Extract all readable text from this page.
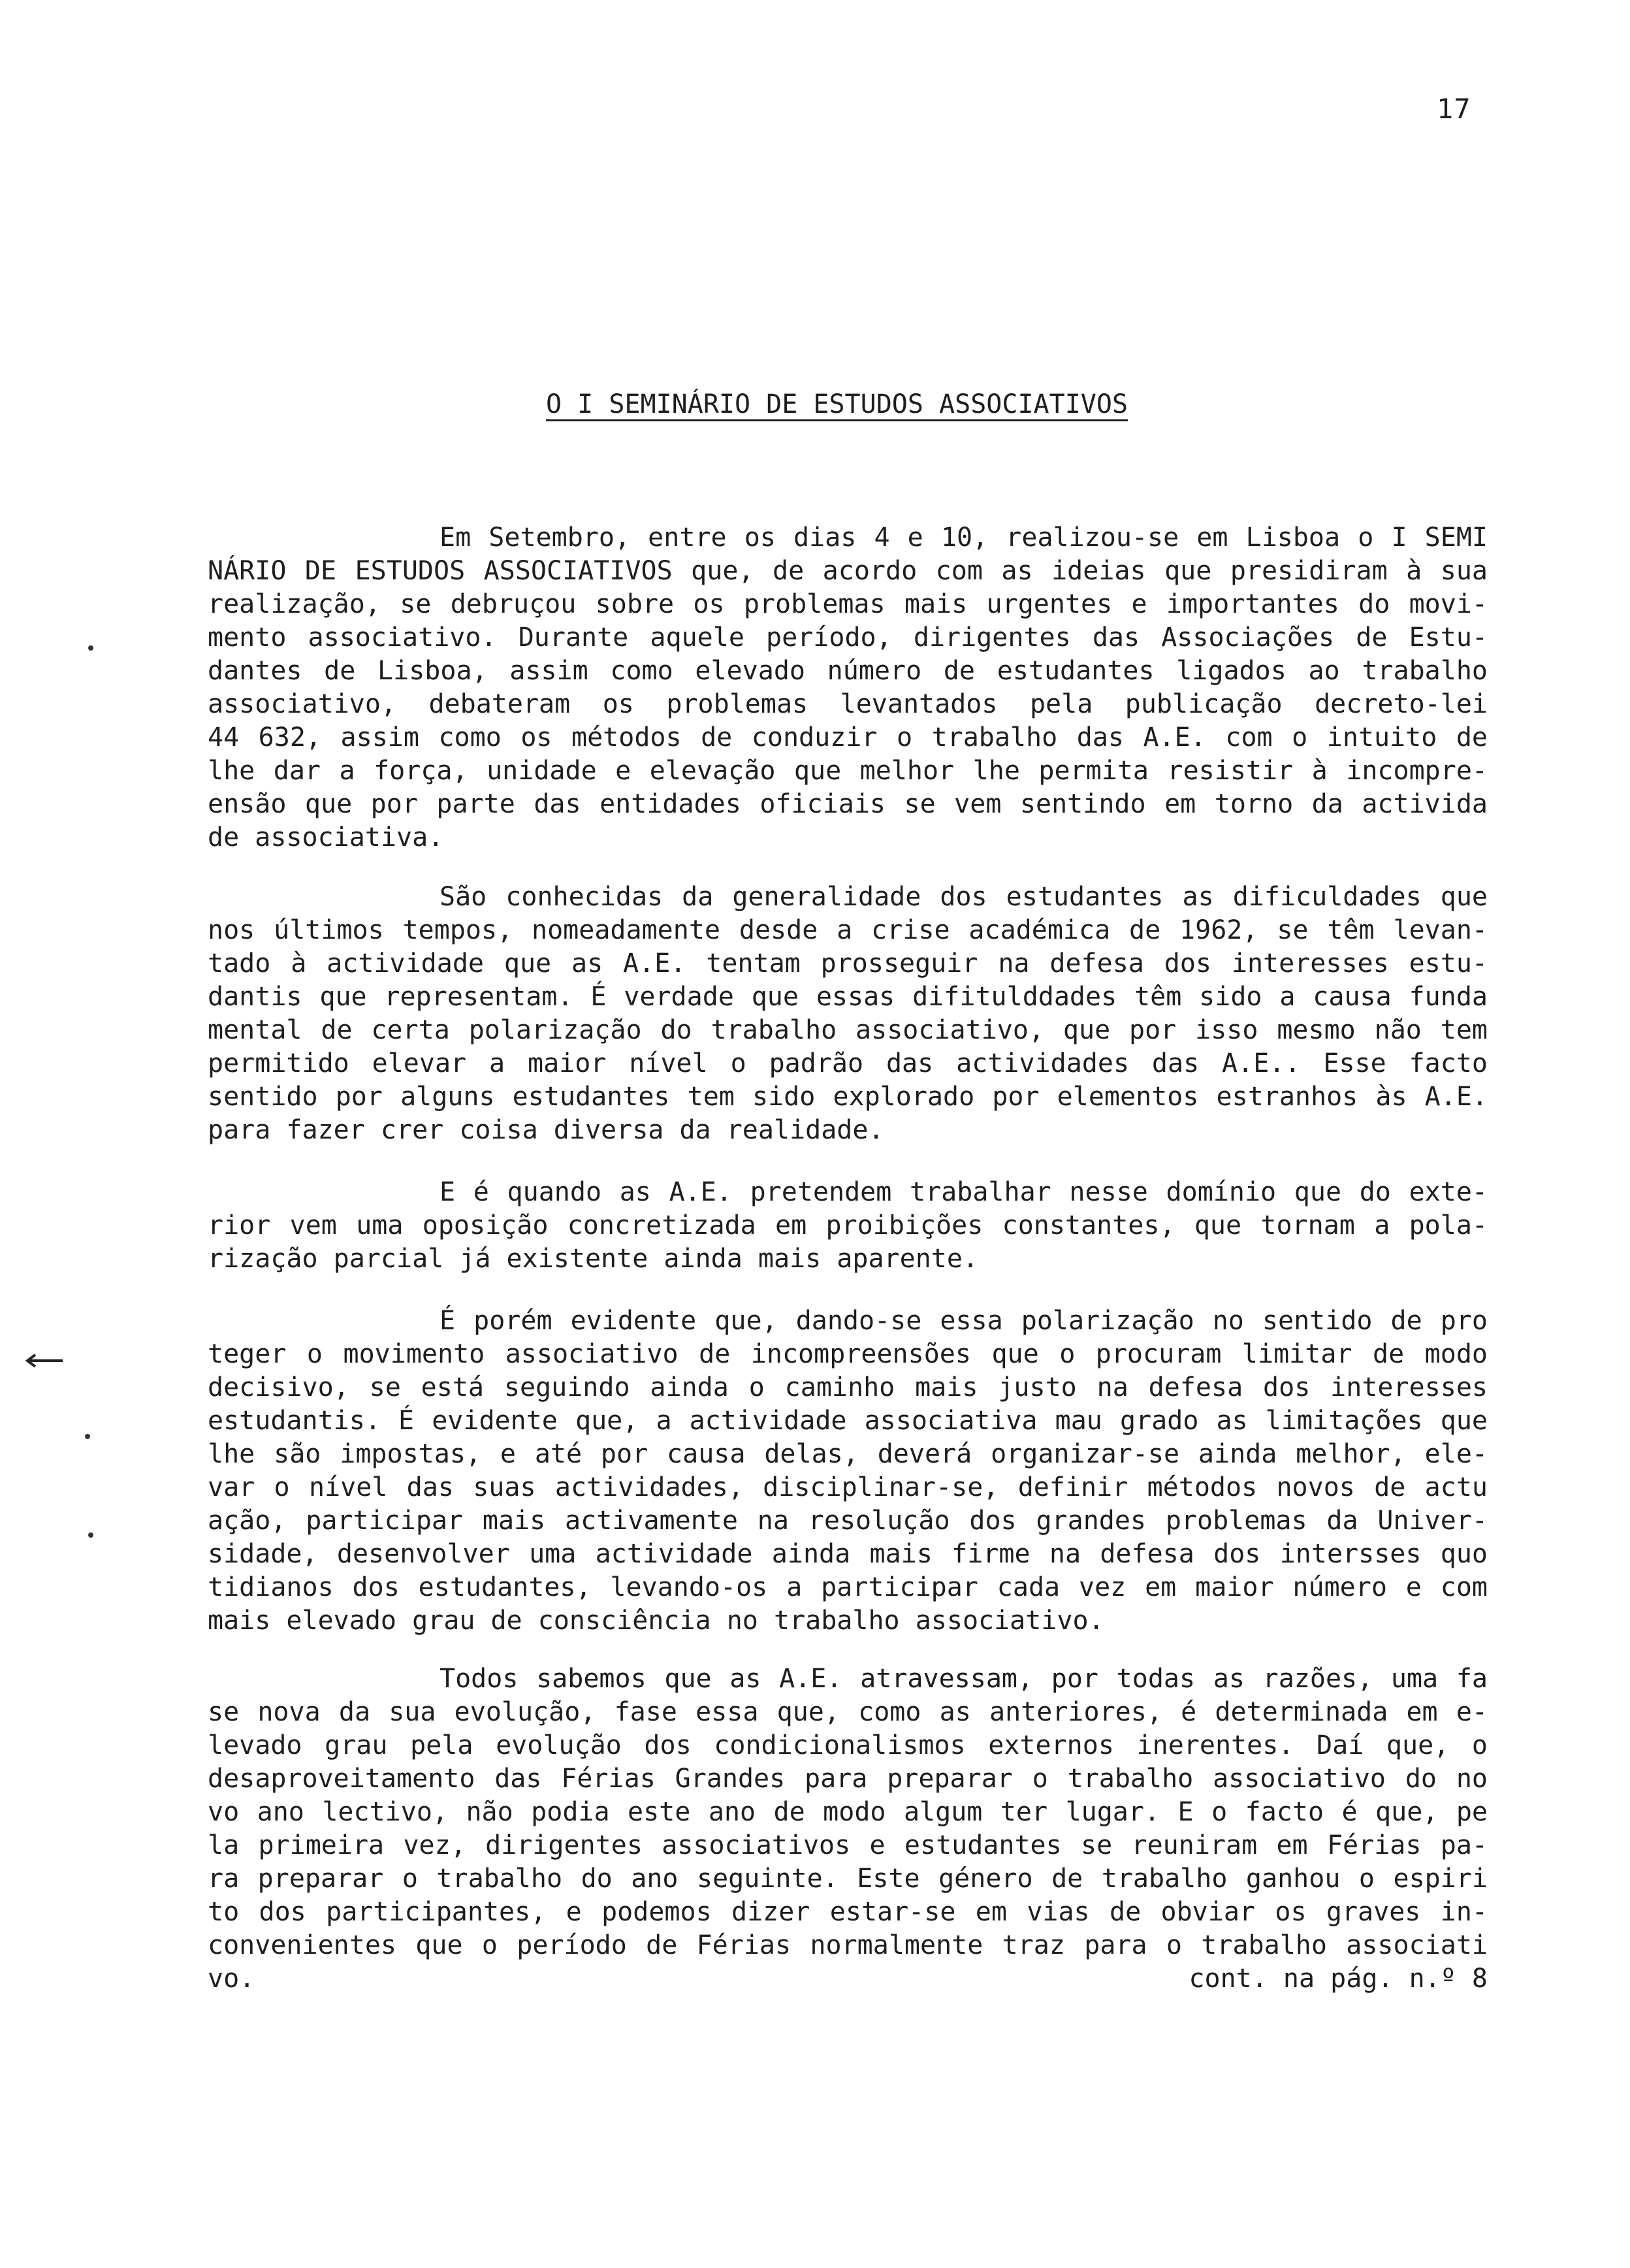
17
O I SEMINÁRIO DE ESTUDOS ASSOCIATIVOS
Em Setembro, entre os dias 4 e 10, realizou-se em Lisboa o I SEMI
NÁRIO DE ESTUDOS ASSOCIATIVOS que, de acordo com as ideias que presidiram à sua
realização, se debruçou sobre os problemas mais urgentes e importantes do movi-
mento associativo. Durante aquele período, dirigentes das Associações de Estu-
dantes de Lisboa, assim como elevado número de estudantes ligados ao trabalho
associativo, debateram os problemas levantados pela publicação decreto-lei
44 632, assim como os métodos de conduzir o trabalho das A.E. com o intuito de
lhe dar a força, unidade e elevação que melhor lhe permita resistir à incompre-
ensão que por parte das entidades oficiais se vem sentindo em torno da activida
de associativa.
São conhecidas da generalidade dos estudantes as dificuldades que
nos últimos tempos, nomeadamente desde a crise académica de 1962, se têm levan-
tado à actividade que as A.E. tentam prosseguir na defesa dos interesses estu-
dantis que representam. É verdade que essas difitulddades têm sido a causa funda
mental de certa polarização do trabalho associativo, que por isso mesmo não tem
permitido elevar a maior nível o padrão das actividades das A.E.. Esse facto
sentido por alguns estudantes tem sido explorado por elementos estranhos às A.E.
para fazer crer coisa diversa da realidade.
E é quando as A.E. pretendem trabalhar nesse domínio que do exte-
rior vem uma oposição concretizada em proibições constantes, que tornam a pola-
rização parcial já existente ainda mais aparente.
É porém evidente que, dando-se essa polarização no sentido de pro
teger o movimento associativo de incompreensões que o procuram limitar de modo
decisivo, se está seguindo ainda o caminho mais justo na defesa dos interesses
estudantis. É evidente que, a actividade associativa mau grado as limitações que
lhe são impostas, e até por causa delas, deverá organizar-se ainda melhor, ele-
var o nível das suas actividades, disciplinar-se, definir métodos novos de actu
ação, participar mais activamente na resolução dos grandes problemas da Univer-
sidade, desenvolver uma actividade ainda mais firme na defesa dos intersses quo
tidianos dos estudantes, levando-os a participar cada vez em maior número e com
mais elevado grau de consciência no trabalho associativo.
Todos sabemos que as A.E. atravessam, por todas as razões, uma fa
se nova da sua evolução, fase essa que, como as anteriores, é determinada em e-
levado grau pela evolução dos condicionalismos externos inerentes. Daí que, o
desaproveitamento das Férias Grandes para preparar o trabalho associativo do no
vo ano lectivo, não podia este ano de modo algum ter lugar. E o facto é que, pe
la primeira vez, dirigentes associativos e estudantes se reuniram em Férias pa-
ra preparar o trabalho do ano seguinte. Este género de trabalho ganhou o espiri
to dos participantes, e podemos dizer estar-se em vias de obviar os graves in-
convenientes que o período de Férias normalmente traz para o trabalho associati
vo.	cont. na pág. n.º 8
